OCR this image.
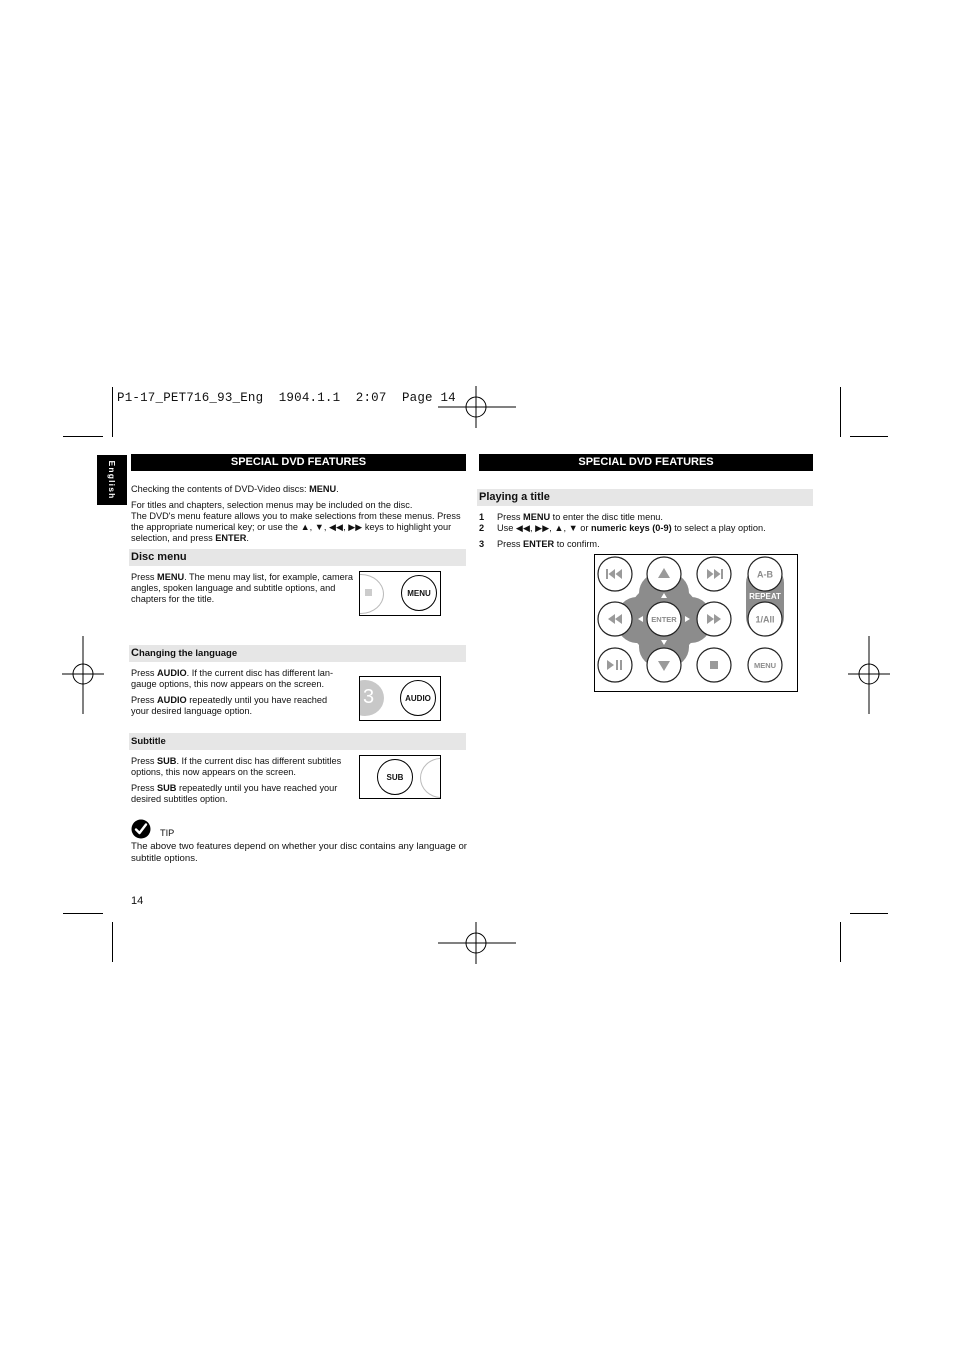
P1-17_PET716_93_Eng  1904.1.1  2:07  Page 14
English	SPECIAL DVD FEATURES

Checking the contents of DVD-Video discs: MENU.

For titles and chapters, selection menus may be included on the disc.
The DVD's menu feature allows you to make selections from these menus. Press the appropriate numerical key; or use the ▲, ▼, ◀◀, ▶▶ keys to highlight your selection, and press ENTER.

Disc menu

Press MENU. The menu may list, for example, camera angles, spoken language and subtitle options, and chapters for the title.

MENU
Changing the language

Press AUDIO. If the current disc has different lan-gauge options, this now appears on the screen.

Press AUDIO repeatedly until you have reached your desired language option.

3	AUDIO
Subtitle

Press SUB. If the current disc has different subtitles options, this now appears on the screen.

Press SUB repeatedly until you have reached your desired subtitles option.

SUB
TIP
The above two features depend on whether your disc contains any language or subtitle options.
14
SPECIAL DVD FEATURES
Playing a title
1 Press MENU to enter the disc title menu.
2 Use ◀◀, ▶▶, ▲, ▼ or numeric keys (0-9) to select a play option.
3 Press ENTER to confirm.
A-B
ENTER
REPEAT
1/All
MENU
